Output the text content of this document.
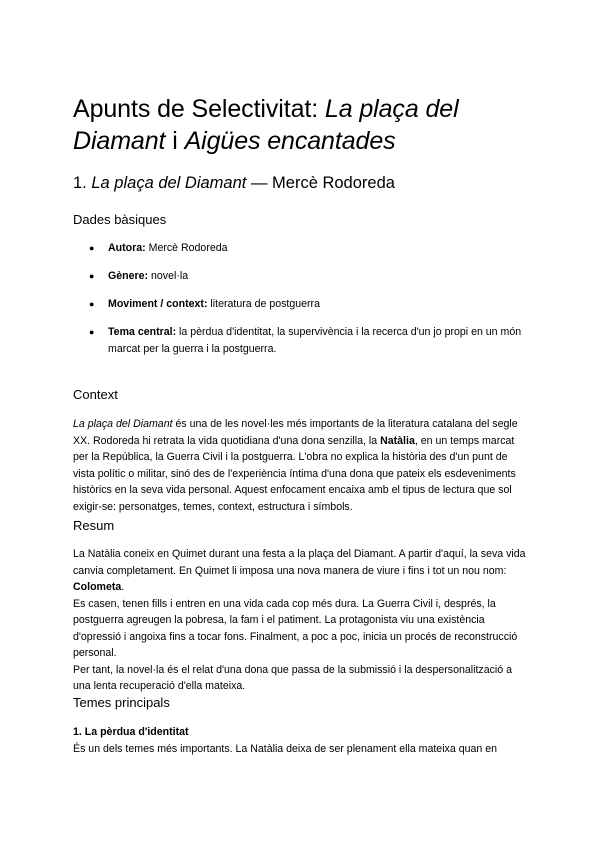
Apunts de Selectivitat: La plaça del Diamant i Aigües encantades
1. La plaça del Diamant — Mercè Rodoreda
Dades bàsiques
● Autora: Mercè Rodoreda
● Gènere: novel·la
● Moviment / context: literatura de postguerra
● Tema central: la pèrdua d'identitat, la supervivència i la recerca d'un jo propi en un món marcat per la guerra i la postguerra.
Context

La plaça del Diamant és una de les novel·les més importants de la literatura catalana del segle XX. Rodoreda hi retrata la vida quotidiana d'una dona senzilla, la Natàlia, en un temps marcat per la República, la Guerra Civil i la postguerra. L'obra no explica la història des d'un punt de vista polític o militar, sinó des de l'experiència íntima d'una dona que pateix els esdeveniments històrics en la seva vida personal. Aquest enfocament encaixa amb el tipus de lectura que sol exigir-se: personatges, temes, context, estructura i símbols.

Resum
La Natàlia coneix en Quimet durant una festa a la plaça del Diamant. A partir d'aquí, la seva vida canvia completament. En Quimet li imposa una nova manera de viure i fins i tot un nou nom: Colometa.
Es casen, tenen fills i entren en una vida cada cop més dura. La Guerra Civil i, després, la postguerra agreugen la pobresa, la fam i el patiment. La protagonista viu una existència d'opressió i angoixa fins a tocar fons. Finalment, a poc a poc, inicia un procés de reconstrucció personal.
Per tant, la novel·la és el relat d'una dona que passa de la submissió i la despersonalització a una lenta recuperació d'ella mateixa.
Temes principals
1. La pèrdua d'identitat
És un dels temes més importants. La Natàlia deixa de ser plenament ella mateixa quan en
